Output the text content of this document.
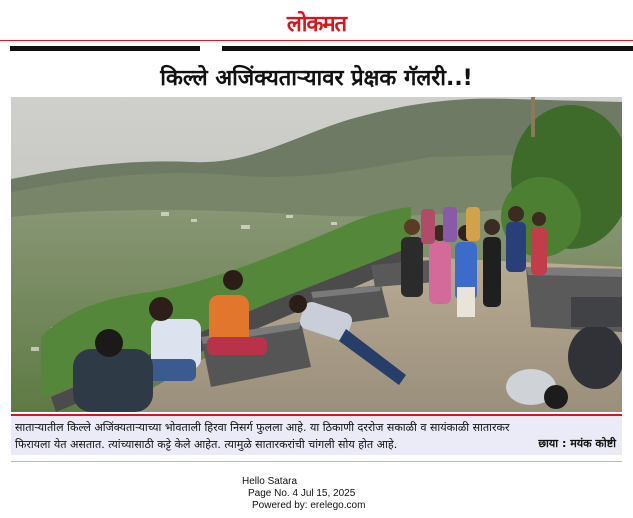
लोकमत
किल्ले अजिंक्यताऱ्यावर प्रेक्षक गॅलरी..!
साताऱ्यातील किल्ले अजिंक्यताऱ्याच्या भोवताली हिरवा निसर्ग फुलला आहे. या ठिकाणी दररोज सकाळी व सायंकाळी सातारकर
फिरायला येत असतात. त्यांच्यासाठी कट्टे केले आहेत. त्यामुळे सातारकरांची चांगली सोय होत आहे.	छाया : मयंक कोष्टी
Hello Satara
Page No. 4 Jul 15, 2025
Powered by: erelego.com
